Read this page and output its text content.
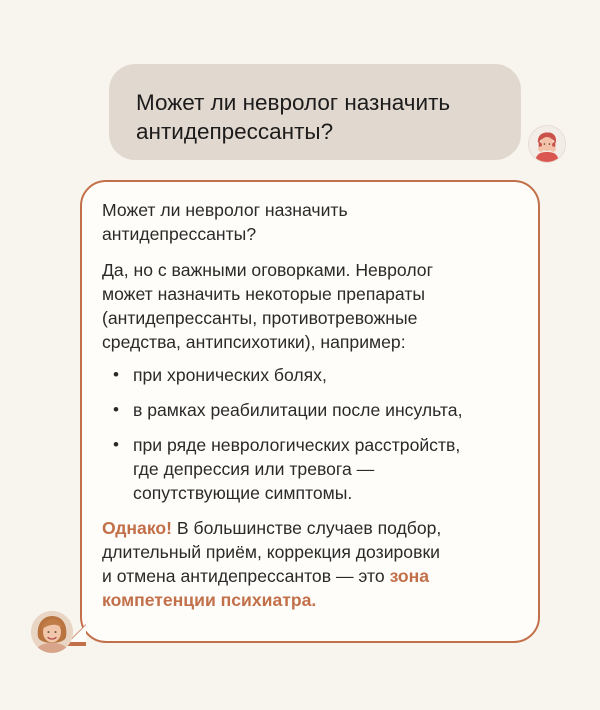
Может ли невролог назначить
антидепрессанты?

Может ли невролог назначить
антидепрессанты?

Да, но с важными оговорками. Невролог
может назначить некоторые препараты
(антидепрессанты, противотревожные
средства, антипсихотики), например:

• при хронических болях,
• в рамках реабилитации после инсульта,
• при ряде неврологических расстройств,
где депрессия или тревога —
сопутствующие симптомы.

Однако! В большинстве случаев подбор,
длительный приём, коррекция дозировки
и отмена антидепрессантов — это зона
компетенции психиатра.
